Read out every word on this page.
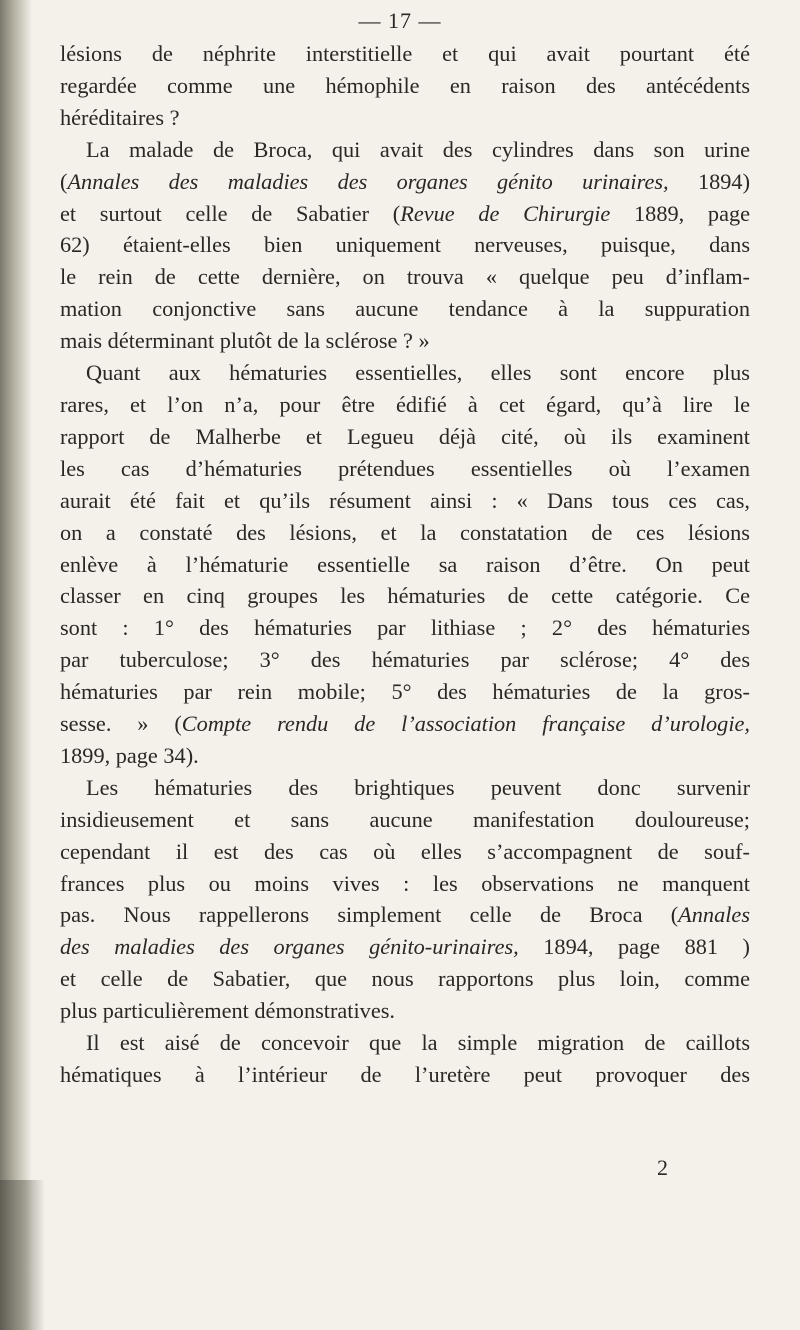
— 17 —
lésions de néphrite interstitielle et qui avait pourtant été
regardée comme une hémophile en raison des antécédents
héréditaires ?
La malade de Broca, qui avait des cylindres dans son urine
(Annales des maladies des organes génito urinaires, 1894)
et surtout celle de Sabatier (Revue de Chirurgie 1889, page
62) étaient-elles bien uniquement nerveuses, puisque, dans
le rein de cette dernière, on trouva « quelque peu d’inflam-
mation conjonctive sans aucune tendance à la suppuration
mais déterminant plutôt de la sclérose ? »
Quant aux hématuries essentielles, elles sont encore plus
rares, et l’on n’a, pour être édifié à cet égard, qu’à lire le
rapport de Malherbe et Legueu déjà cité, où ils examinent
les cas d’hématuries prétendues essentielles où l’examen
aurait été fait et qu’ils résument ainsi : « Dans tous ces cas,
on a constaté des lésions, et la constatation de ces lésions
enlève à l’hématurie essentielle sa raison d’être. On peut
classer en cinq groupes les hématuries de cette catégorie. Ce
sont : 1° des hématuries par lithiase ; 2° des hématuries
par tuberculose; 3° des hématuries par sclérose; 4° des
hématuries par rein mobile; 5° des hématuries de la gros-
sesse. » (Compte rendu de l’association française d’urologie,
1899, page 34).
Les hématuries des brightiques peuvent donc survenir
insidieusement et sans aucune manifestation douloureuse;
cependant il est des cas où elles s’accompagnent de souf-
frances plus ou moins vives : les observations ne manquent
pas. Nous rappellerons simplement celle de Broca (Annales
des maladies des organes génito-urinaires, 1894, page 881 )
et celle de Sabatier, que nous rapportons plus loin, comme
plus particulièrement démonstratives.
Il est aisé de concevoir que la simple migration de caillots
hématiques à l’intérieur de l’uretère peut provoquer des
2
